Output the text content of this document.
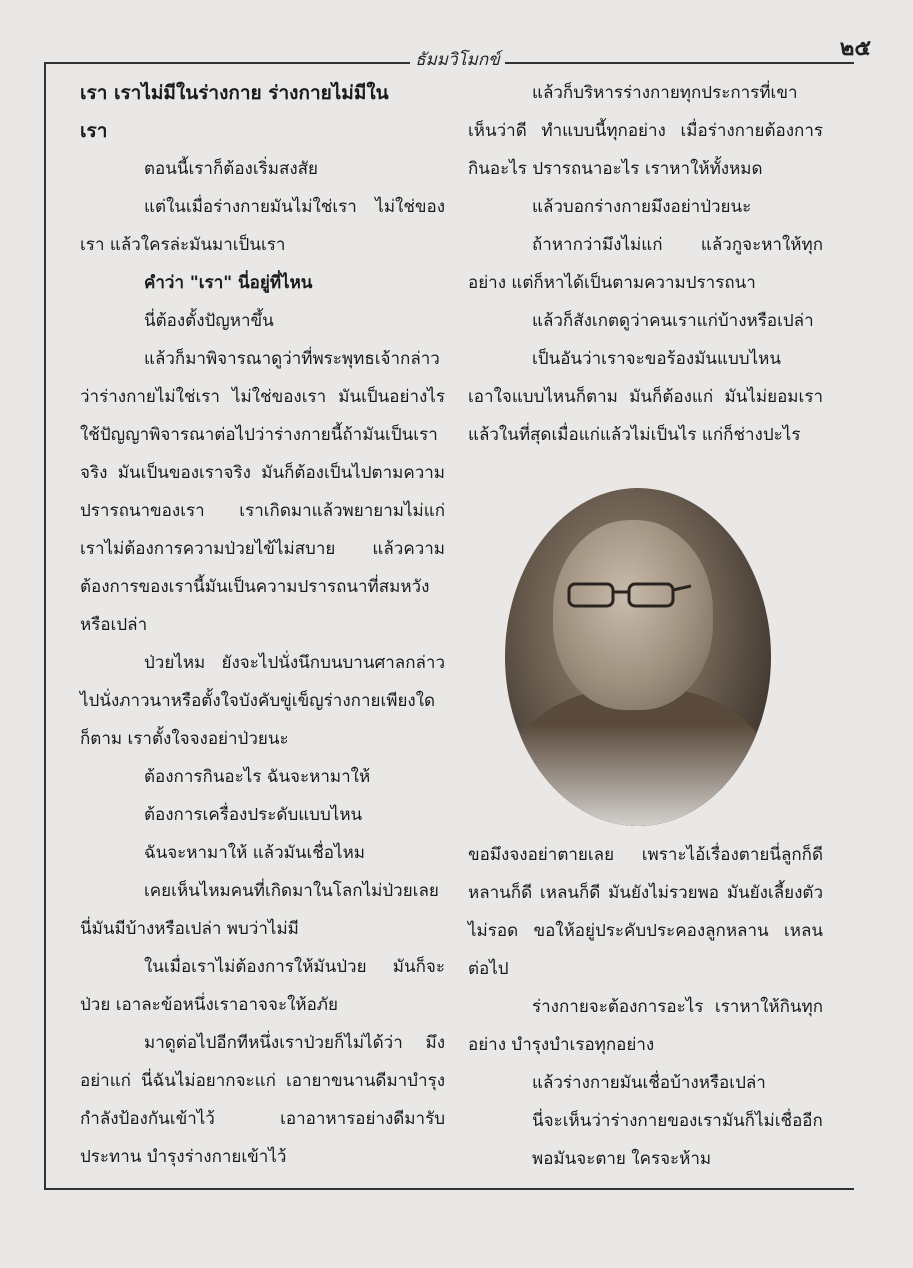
๒๕
ธัมมวิโมกข์

เรา เราไม่มีในร่างกาย ร่างกายไม่มีใน

เรา

ตอนนี้เราก็ต้องเริ่มสงสัย

แต่ในเมื่อร่างกายมันไม่ใช่เรา ไม่ใช่ของเรา แล้วใครล่ะมันมาเป็นเรา

คำว่า "เรา" นี่อยู่ที่ไหน

นี่ต้องตั้งปัญหาขึ้น

แล้วก็มาพิจารณาดูว่าที่พระพุทธเจ้ากล่าวว่าร่างกายไม่ใช่เรา ไม่ใช่ของเรา มันเป็นอย่างไร ใช้ปัญญาพิจารณาต่อไปว่าร่างกายนี้ถ้ามันเป็นเราจริง มันเป็นของเราจริง มันก็ต้องเป็นไปตามความปรารถนาของเรา เราเกิดมาแล้วพยายามไม่แก่ เราไม่ต้องการความป่วยไข้ไม่สบาย แล้วความต้องการของเรานี้มันเป็นความปรารถนาที่สมหวังหรือเปล่า

ป่วยไหม ยังจะไปนั่งนึกบนบานศาลกล่าว ไปนั่งภาวนาหรือตั้งใจบังคับขู่เข็ญร่างกายเพียงใดก็ตาม เราตั้งใจจงอย่าป่วยนะ

ต้องการกินอะไร ฉันจะหามาให้

ต้องการเครื่องประดับแบบไหน

ฉันจะหามาให้ แล้วมันเชื่อไหม

เคยเห็นไหมคนที่เกิดมาในโลกไม่ป่วยเลย นี่มันมีบ้างหรือเปล่า พบว่าไม่มี

ในเมื่อเราไม่ต้องการให้มันป่วย มันก็จะป่วย เอาละข้อหนึ่งเราอาจจะให้อภัย

มาดูต่อไปอีกทีหนึ่งเราป่วยก็ไม่ได้ว่า มึงอย่าแก่ นี่ฉันไม่อยากจะแก่ เอายาขนานดีมาบำรุงกำลังป้องกันเข้าไว้ เอาอาหารอย่างดีมารับประทาน บำรุงร่างกายเข้าไว้

แล้วก็บริหารร่างกายทุกประการที่เขาเห็นว่าดี ทำแบบนี้ทุกอย่าง เมื่อร่างกายต้องการกินอะไร ปรารถนาอะไร เราหาให้ทั้งหมด

แล้วบอกร่างกายมึงอย่าป่วยนะ

ถ้าหากว่ามึงไม่แก่ แล้วกูจะหาให้ทุกอย่าง แต่ก็หาได้เป็นตามความปรารถนา

แล้วก็สังเกตดูว่าคนเราแก่บ้างหรือเปล่า

เป็นอันว่าเราจะขอร้องมันแบบไหน เอาใจแบบไหนก็ตาม มันก็ต้องแก่ มันไม่ยอมเราแล้วในที่สุดเมื่อแก่แล้วไม่เป็นไร แก่ก็ช่างปะไร

ขอมึงจงอย่าตายเลย เพราะไอ้เรื่องตายนี่ลูกก็ดีหลานก็ดี เหลนก็ดี มันยังไม่รวยพอ มันยังเลี้ยงตัวไม่รอด ขอให้อยู่ประคับประคองลูกหลาน เหลน ต่อไป

ร่างกายจะต้องการอะไร เราหาให้กินทุกอย่าง บำรุงบำเรอทุกอย่าง

แล้วร่างกายมันเชื่อบ้างหรือเปล่า

นี่จะเห็นว่าร่างกายของเรามันก็ไม่เชื่ออีก

พอมันจะตาย ใครจะห้าม
